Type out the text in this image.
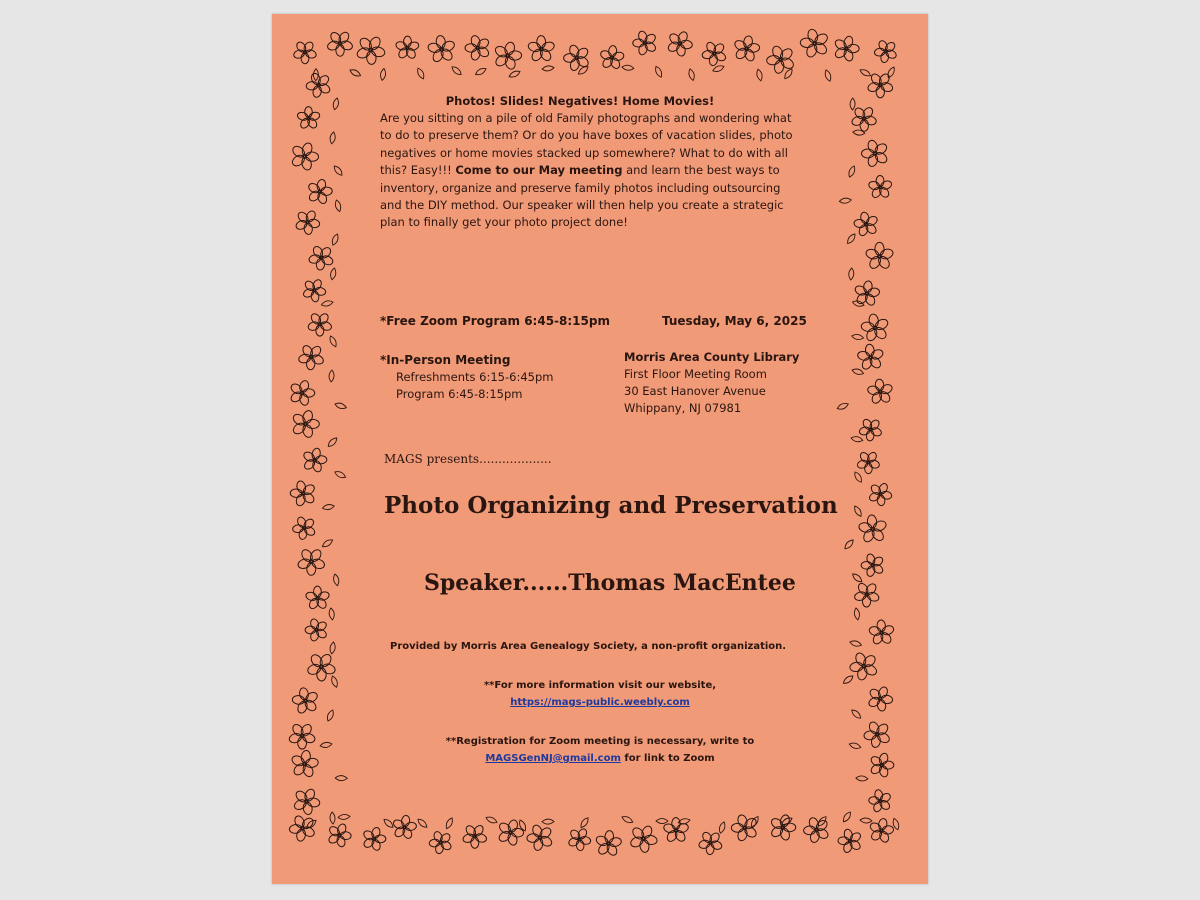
Photos! Slides! Negatives! Home Movies!
Are you sitting on a pile of old Family photographs and wondering what to do to preserve them? Or do you have boxes of vacation slides, photo negatives or home movies stacked up somewhere? What to do with all this? Easy!!! Come to our May meeting and learn the best ways to inventory, organize and preserve family photos including outsourcing and the DIY method. Our speaker will then help you create a strategic plan to finally get your photo project done!
*Free Zoom Program 6:45-8:15pm	Tuesday, May 6, 2025
*In-Person Meeting
Refreshments 6:15-6:45pm
Program 6:45-8:15pm
Morris Area County Library
First Floor Meeting Room
30 East Hanover Avenue
Whippany, NJ 07981
MAGS presents...................
Photo Organizing and Preservation
Speaker......Thomas MacEntee
Provided by Morris Area Genealogy Society, a non-profit organization.
**For more information visit our website,
https://mags-public.weebly.com
**Registration for Zoom meeting is necessary, write to
MAGSGenNJ@gmail.com for link to Zoom
